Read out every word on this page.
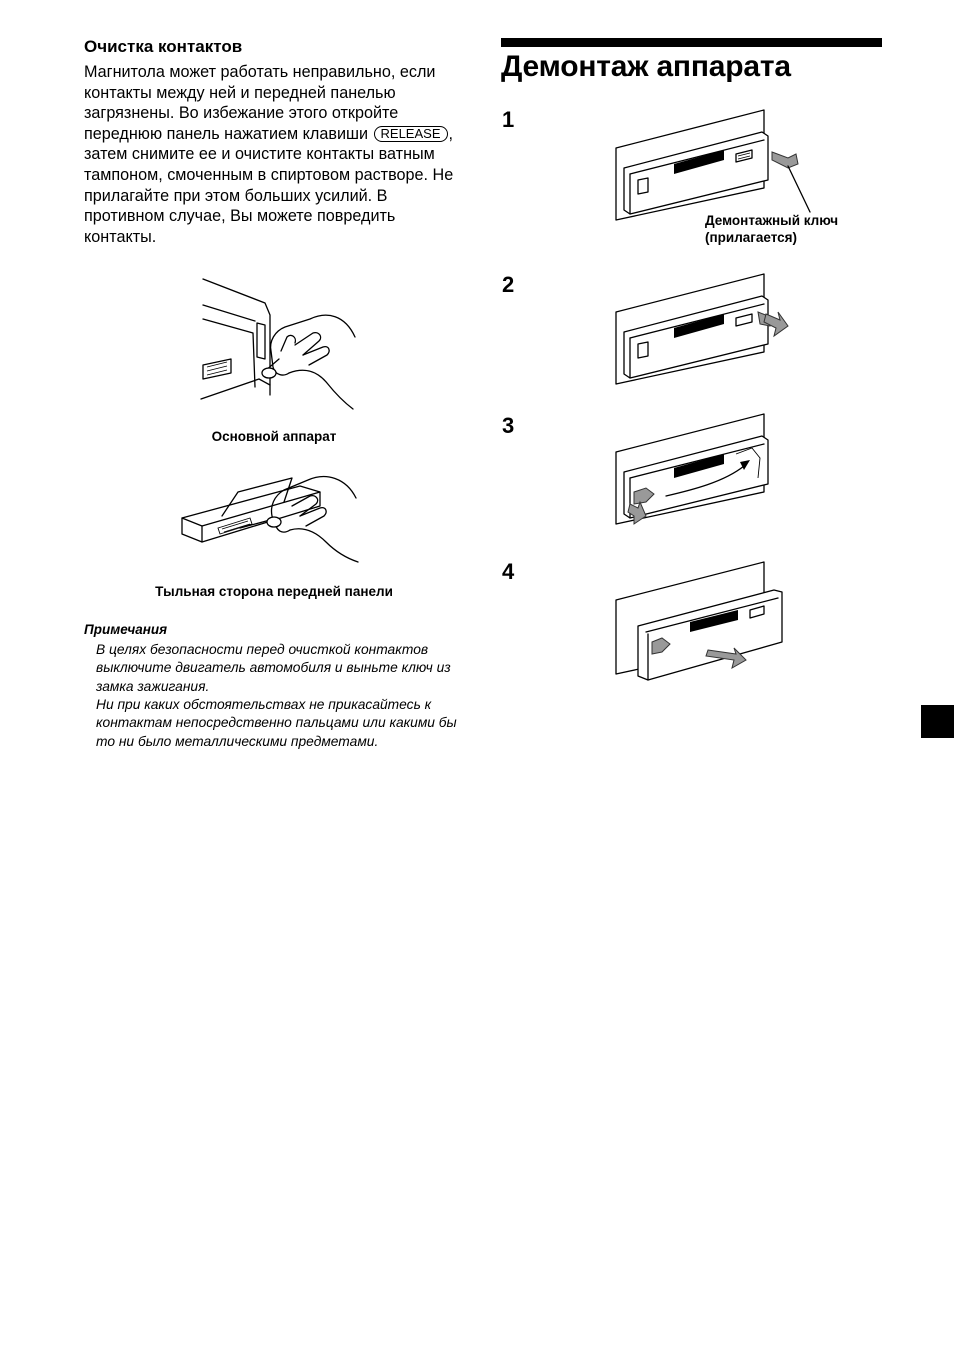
Очистка контактов
Магнитола может работать неправильно, если контакты между ней и передней панелью загрязнены. Во избежание этого откройте переднюю панель нажатием клавиши RELEASE , затем снимите ее и очистите контакты ватным тампоном, смоченным в спиртовом растворе. Не прилагайте при этом больших усилий. В противном случае, Вы можете повредить контакты.
Основной аппарат
Тыльная сторона передней панели
Примечания
В целях безопасности перед очисткой контактов выключите двигатель автомобиля и выньте ключ из замка зажигания.
Ни при каких обстоятельствах не прикасайтесь к контактам непосредственно пальцами или какими бы то ни было металлическими предметами.
Демонтаж аппарата
1
Демонтажный ключ (прилагается)
2
3
4
